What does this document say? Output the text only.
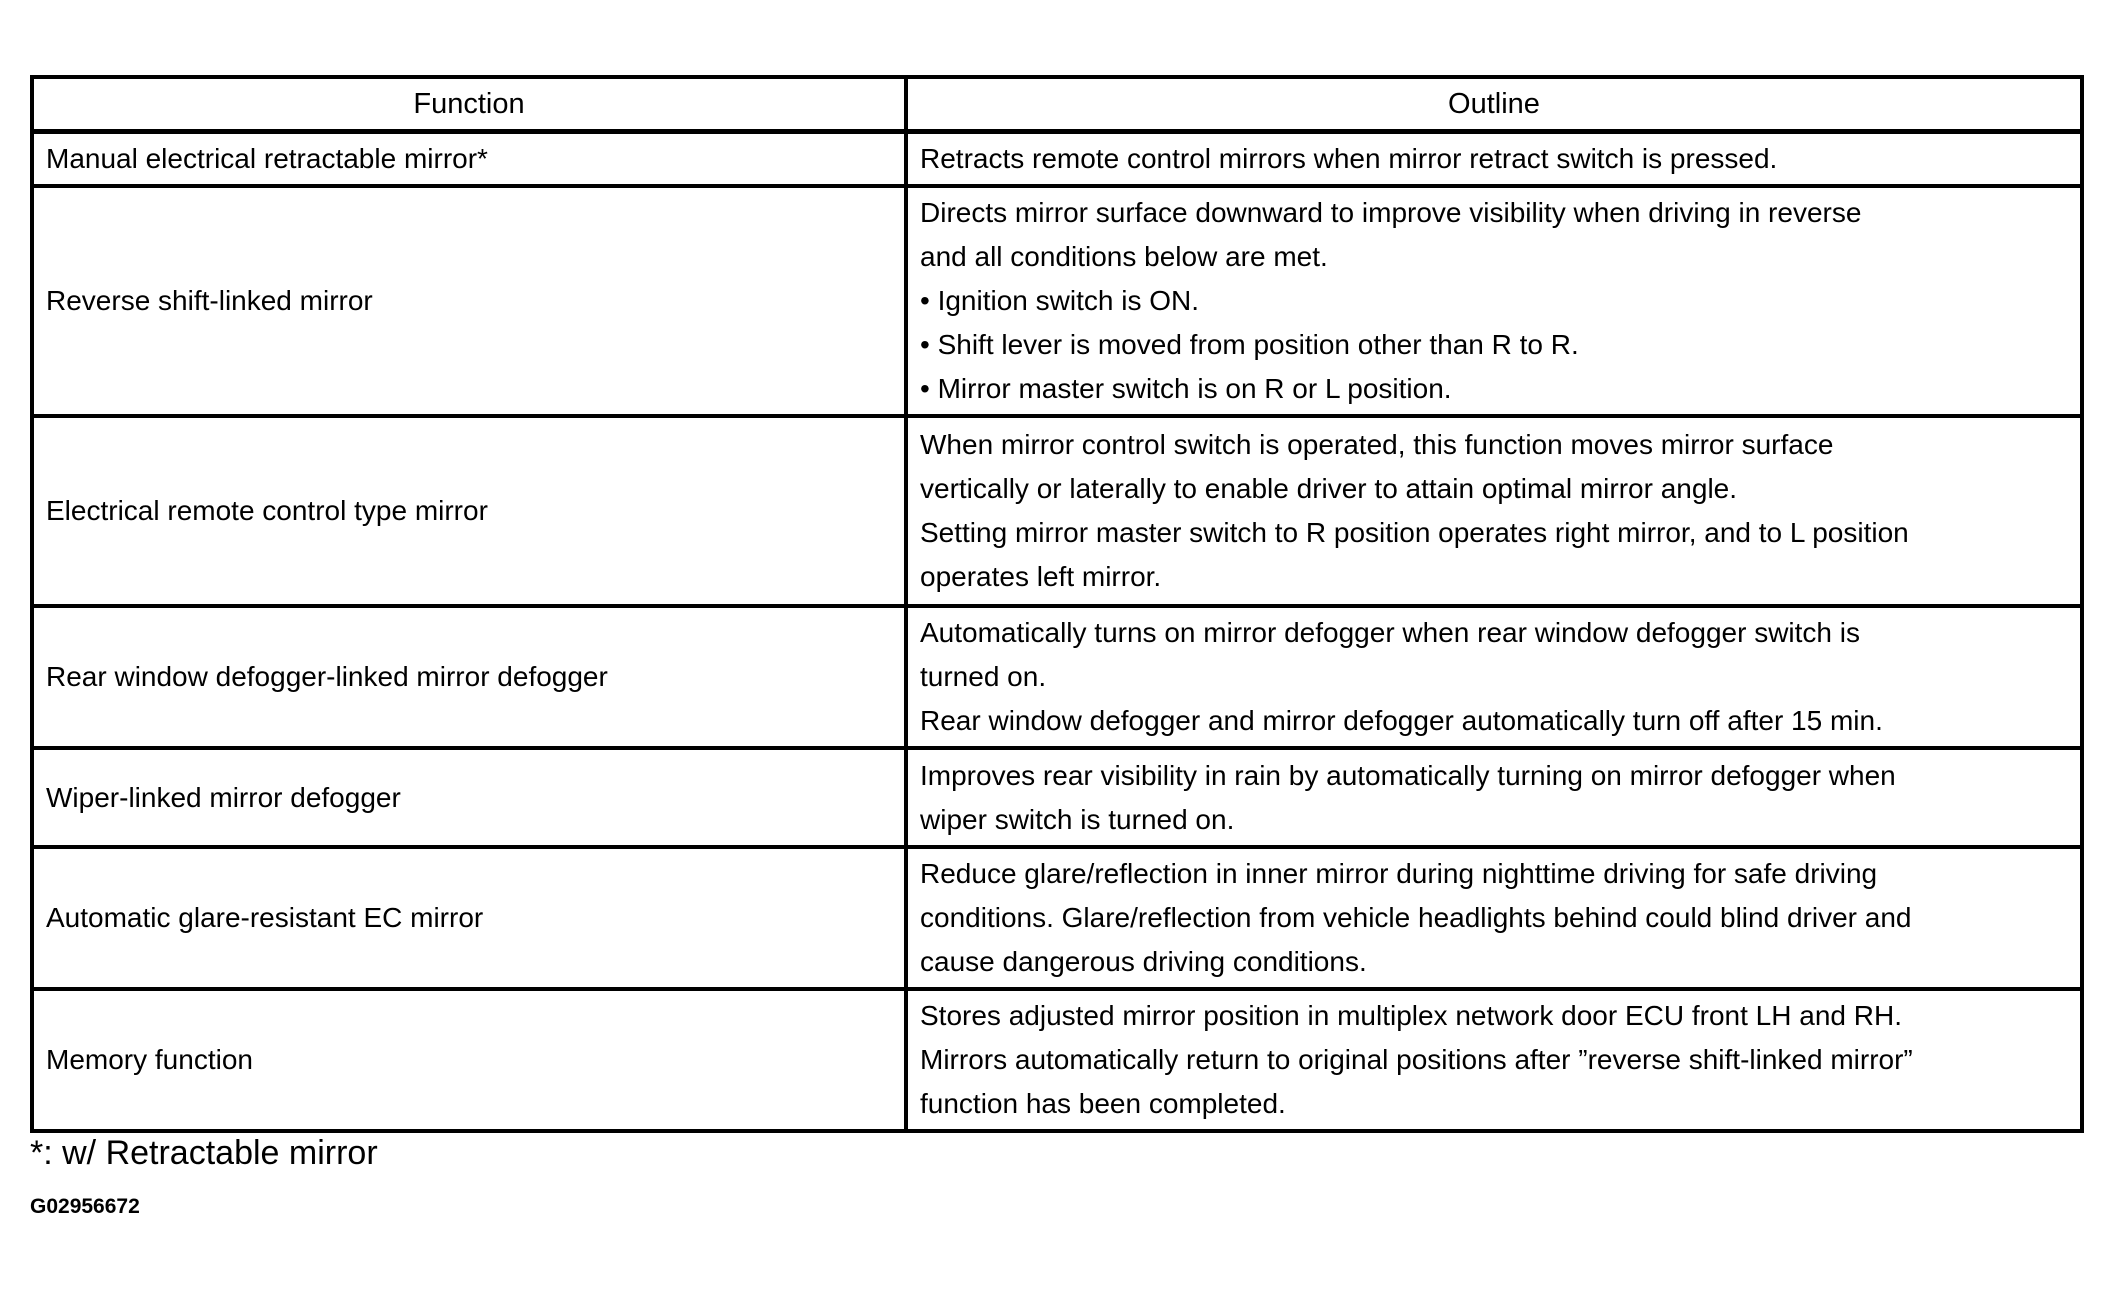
Function	Outline
Manual electrical retractable mirror*	Retracts remote control mirrors when mirror retract switch is pressed.

Reverse shift-linked mirror	Directs mirror surface downward to improve visibility when driving in reverse
and all conditions below are met.
• Ignition switch is ON.
• Shift lever is moved from position other than R to R.
• Mirror master switch is on R or L position.

Electrical remote control type mirror	When mirror control switch is operated, this function moves mirror surface
vertically or laterally to enable driver to attain optimal mirror angle.
Setting mirror master switch to R position operates right mirror, and to L position
operates left mirror.

Rear window defogger-linked mirror defogger	Automatically turns on mirror defogger when rear window defogger switch is
turned on.
Rear window defogger and mirror defogger automatically turn off after 15 min.

Wiper-linked mirror defogger	Improves rear visibility in rain by automatically turning on mirror defogger when
wiper switch is turned on.

Automatic glare-resistant EC mirror	Reduce glare/reflection in inner mirror during nighttime driving for safe driving
conditions. Glare/reflection from vehicle headlights behind could blind driver and
cause dangerous driving conditions.

Memory function	Stores adjusted mirror position in multiplex network door ECU front LH and RH.
Mirrors automatically return to original positions after ”reverse shift-linked mirror”
function has been completed.
*: w/ Retractable mirror
G02956672
